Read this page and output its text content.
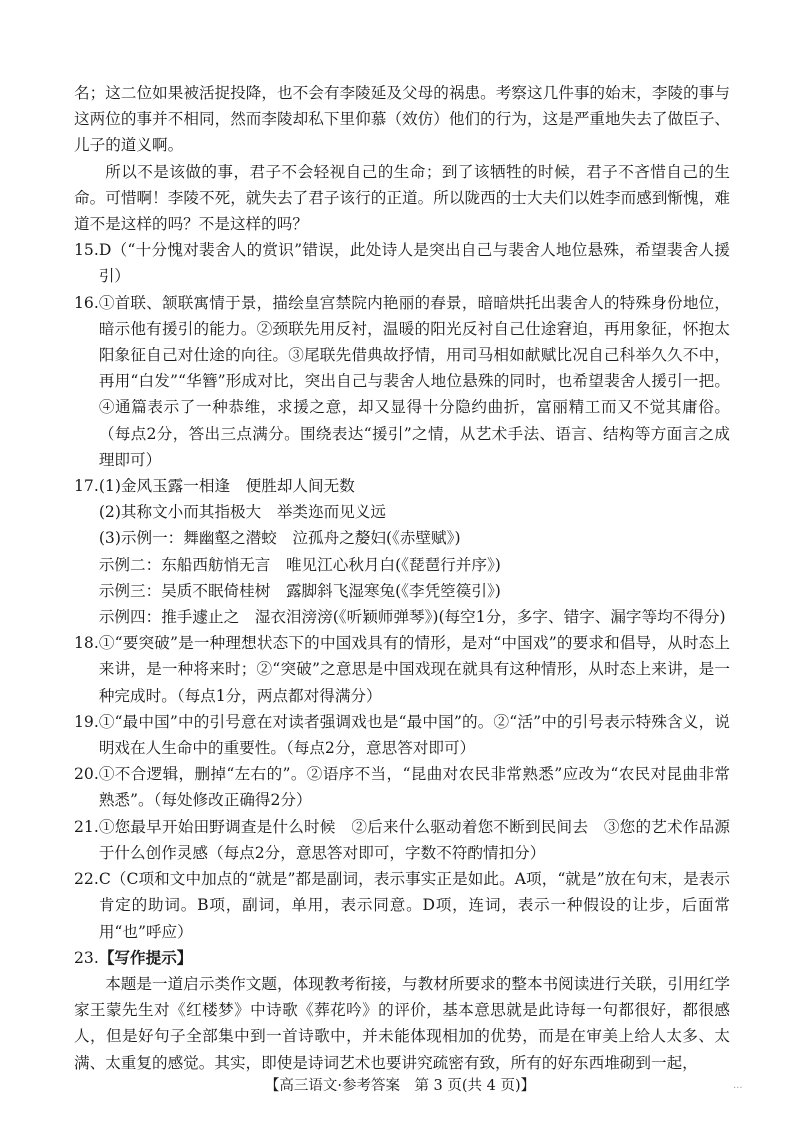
名；这二位如果被活捉投降，也不会有李陵延及父母的祸患。考察这几件事的始末，李陵的事与这两位的事并不相同，然而李陵却私下里仰慕（效仿）他们的行为，这是严重地失去了做臣子、儿子的道义啊。

所以不是该做的事，君子不会轻视自己的生命；到了该牺牲的时候，君子不吝惜自己的生命。可惜啊！李陵不死，就失去了君子该行的正道。所以陇西的士大夫们以姓李而感到惭愧，难道不是这样的吗？不是这样的吗？

15. D（“十分愧对裴舍人的赏识”错误，此处诗人是突出自己与裴舍人地位悬殊，希望裴舍人援引）

16. ①首联、颔联寓情于景，描绘皇宫禁院内艳丽的春景，暗暗烘托出裴舍人的特殊身份地位，暗示他有援引的能力。②颈联先用反衬，温暖的阳光反衬自己仕途窘迫，再用象征，怀抱太阳象征自己对仕途的向往。③尾联先借典故抒情，用司马相如献赋比况自己科举久久不中，再用“白发”“华簪”形成对比，突出自己与裴舍人地位悬殊的同时，也希望裴舍人援引一把。④通篇表示了一种恭维，求援之意，却又显得十分隐约曲折，富丽精工而又不觉其庸俗。（每点2分，答出三点满分。围绕表达“援引”之情，从艺术手法、语言、结构等方面言之成理即可）

17. (1)金风玉露一相逢　便胜却人间无数

(2)其称文小而其指极大　举类迩而见义远

(3)示例一：舞幽壑之潜蛟　泣孤舟之嫠妇(《赤壁赋》)

示例二：东船西舫悄无言　唯见江心秋月白(《琵琶行并序》)

示例三：吴质不眠倚桂树　露脚斜飞湿寒兔(《李凭箜篌引》)

示例四：推手遽止之　湿衣泪滂滂(《听颖师弹琴》)(每空1分，多字、错字、漏字等均不得分)

18. ①“要突破”是一种理想状态下的中国戏具有的情形，是对“中国戏”的要求和倡导，从时态上来讲，是一种将来时；②“突破”之意思是中国戏现在就具有这种情形，从时态上来讲，是一种完成时。（每点1分，两点都对得满分）

19. ①“最中国”中的引号意在对读者强调戏也是“最中国”的。②“活”中的引号表示特殊含义，说明戏在人生命中的重要性。（每点2分，意思答对即可）

20. ①不合逻辑，删掉“左右的”。②语序不当，“昆曲对农民非常熟悉”应改为“农民对昆曲非常熟悉”。（每处修改正确得2分）

21. ①您最早开始田野调查是什么时候　②后来什么驱动着您不断到民间去　③您的艺术作品源于什么创作灵感（每点2分，意思答对即可，字数不符酌情扣分）

22. C（C项和文中加点的“就是”都是副词，表示事实正是如此。A项，“就是”放在句末，是表示肯定的助词。B项，副词，单用，表示同意。D项，连词，表示一种假设的让步，后面常用“也”呼应）

23. 【写作提示】

本题是一道启示类作文题，体现教考衔接，与教材所要求的整本书阅读进行关联，引用红学家王蒙先生对《红楼梦》中诗歌《葬花吟》的评价，基本意思就是此诗每一句都很好，都很感人，但是好句子全部集中到一首诗歌中，并未能体现相加的优势，而是在审美上给人太多、太满、太重复的感觉。其实，即使是诗词艺术也要讲究疏密有致，所有的好东西堆砌到一起，

【高三语文·参考答案　第 3 页(共 4 页)】	...
